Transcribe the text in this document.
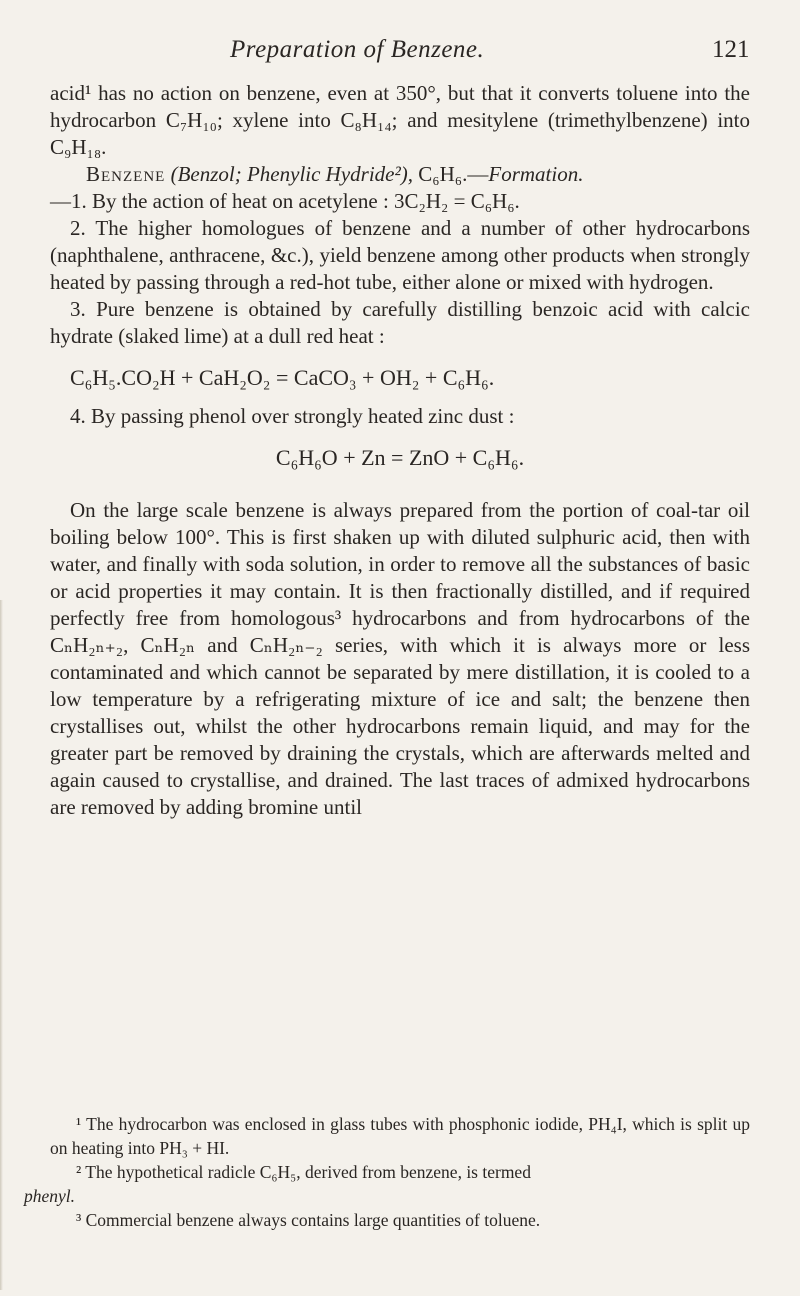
Preparation of Benzene.	121

acid¹ has no action on benzene, even at 350°, but that it converts toluene into the hydrocarbon C₇H₁₀; xylene into C₈H₁₄; and mesitylene (trimethylbenzene) into C₉H₁₈.

Benzene (Benzol; Phenylic Hydride²), C₆H₆.—Formation.

—1. By the action of heat on acetylene : 3C₂H₂ = C₆H₆.

2. The higher homologues of benzene and a number of other hydrocarbons (naphthalene, anthracene, &c.), yield benzene among other products when strongly heated by passing through a red-hot tube, either alone or mixed with hydrogen.

3. Pure benzene is obtained by carefully distilling benzoic acid with calcic hydrate (slaked lime) at a dull red heat :

C₆H₅.CO₂H + CaH₂O₂ = CaCO₃ + OH₂ + C₆H₆.

4. By passing phenol over strongly heated zinc dust :

C₆H₆O + Zn = ZnO + C₆H₆.

On the large scale benzene is always prepared from the portion of coal-tar oil boiling below 100°. This is first shaken up with diluted sulphuric acid, then with water, and finally with soda solution, in order to remove all the substances of basic or acid properties it may contain. It is then fractionally distilled, and if required perfectly free from homologous³ hydrocarbons and from hydrocarbons of the CₙH₂ₙ₊₂, CₙH₂ₙ and CₙH₂ₙ₋₂ series, with which it is always more or less contaminated and which cannot be separated by mere distillation, it is cooled to a low temperature by a refrigerating mixture of ice and salt; the benzene then crystallises out, whilst the other hydrocarbons remain liquid, and may for the greater part be removed by draining the crystals, which are afterwards melted and again caused to crystallise, and drained. The last traces of admixed hydrocarbons are removed by adding bromine until

¹ The hydrocarbon was enclosed in glass tubes with phosphonic iodide, PH₄I, which is split up on heating into PH₃ + HI.

² The hypothetical radicle C₆H₅, derived from benzene, is termed
phenyl.

³ Commercial benzene always contains large quantities of toluene.
